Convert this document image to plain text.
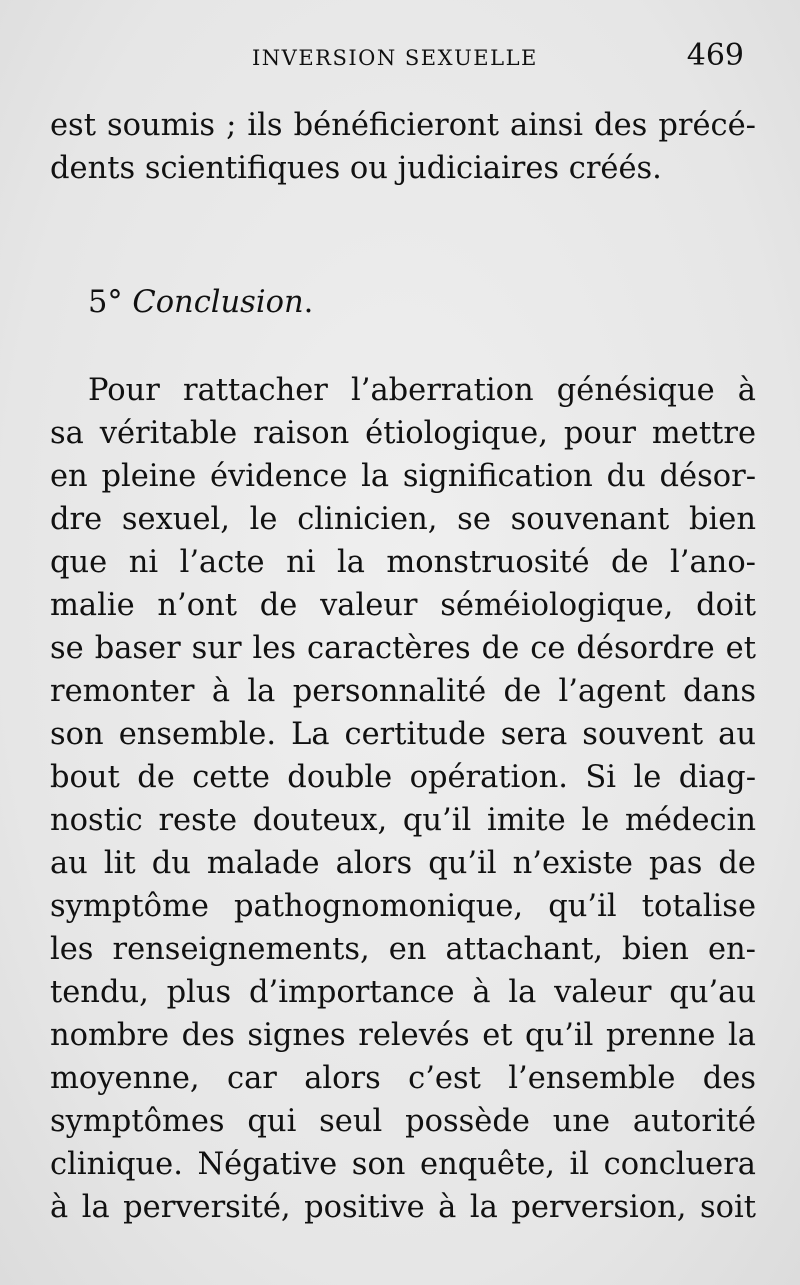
INVERSION SEXUELLE	469
est soumis ; ils bénéficieront ainsi des précé-
dents scientifiques ou judiciaires créés.
5° Conclusion.
Pour rattacher l’aberration génésique à
sa véritable raison étiologique, pour mettre
en pleine évidence la signification du désor-
dre sexuel, le clinicien, se souvenant bien
que ni l’acte ni la monstruosité de l’ano-
malie n’ont de valeur séméiologique, doit
se baser sur les caractères de ce désordre et
remonter à la personnalité de l’agent dans
son ensemble. La certitude sera souvent au
bout de cette double opération. Si le diag-
nostic reste douteux, qu’il imite le médecin
au lit du malade alors qu’il n’existe pas de
symptôme pathognomonique, qu’il totalise
les renseignements, en attachant, bien en-
tendu, plus d’importance à la valeur qu’au
nombre des signes relevés et qu’il prenne la
moyenne, car alors c’est l’ensemble des
symptômes qui seul possède une autorité
clinique. Négative son enquête, il concluera
à la perversité, positive à la perversion, soit
